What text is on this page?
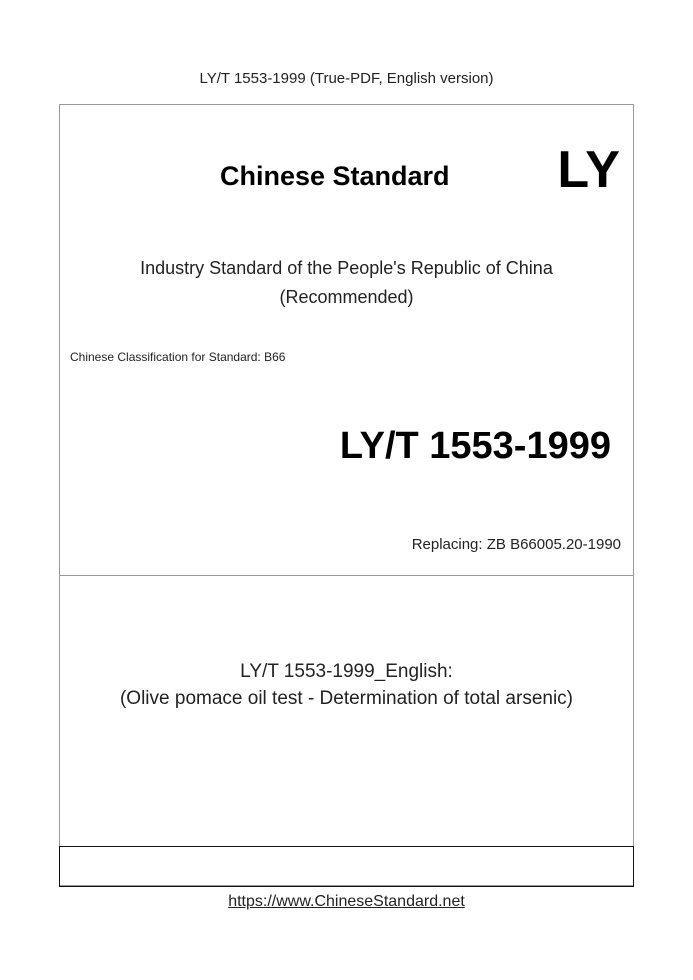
LY/T 1553-1999 (True-PDF, English version)
Chinese Standard LY
Industry Standard of the People's Republic of China
(Recommended)
Chinese Classification for Standard: B66
LY/T 1553-1999
Replacing: ZB B66005.20-1990
LY/T 1553-1999_English:
(Olive pomace oil test - Determination of total arsenic)
https://www.ChineseStandard.net
